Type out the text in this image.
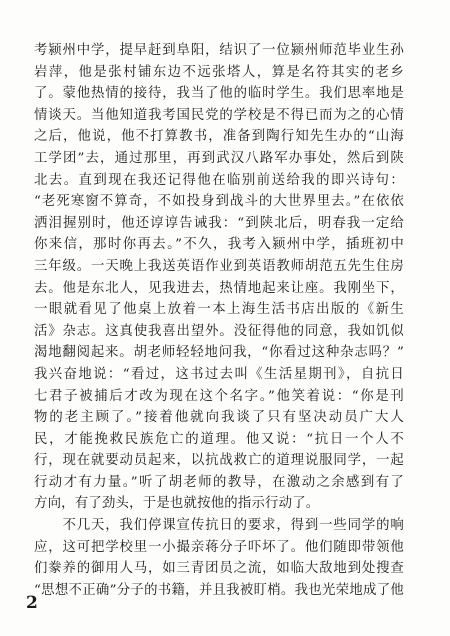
考颍州中学，提早赶到阜阳，结识了一位颍州师范毕业生孙
岩萍，他是张村铺东边不远张塔人，算是名符其实的老乡
了。蒙他热情的接待，我当了他的临时学生。我们思率地是
情谈天。当他知道我考国民党的学校是不得已而为之的心情
之后，他说，他不打算教书，准备到陶行知先生办的“山海
工学团”去，通过那里，再到武汉八路军办事处，然后到陕
北去。直到现在我还记得他在临别前送给我的即兴诗句：
“老死寒窗不算奇，不如投身到战斗的大世界里去。”在依依
洒泪握别时，他还谆谆告诫我：“到陕北后，明春我一定给
你来信，那时你再去。”不久，我考入颍州中学，插班初中
三年级。一天晚上我送英语作业到英语教师胡范五先生住房
去。他是东北人，见我进去，热情地起来让座。我刚坐下，
一眼就看见了他桌上放着一本上海生活书店出版的《新生
活》杂志。这真使我喜出望外。没征得他的同意，我如饥似
渴地翻阅起来。胡老师轻轻地问我，“你看过这种杂志吗？”
我兴奋地说：“看过，这书过去叫《生活星期刊》，自抗日
七君子被捕后才改为现在这个名字。”他笑着说：“你是刊
物的老主顾了。”接着他就向我谈了只有坚决动员广大人
民，才能挽救民族危亡的道理。他又说：“抗日一个人不
行，现在就要动员起来，以抗战救亡的道理说服同学，一起
行动才有力量。”听了胡老师的教导，在激动之余感到有了
方向，有了劲头，于是也就按他的指示行动了。
　　不几天，我们停课宣传抗日的要求，得到一些同学的响
应，这可把学校里一小撮亲蒋分子吓坏了。他们随即带领他
们豢养的御用人马，如三青团员之流，如临大敌地到处搜查
“思想不正确”分子的书籍，并且我被盯梢。我也光荣地成了他
2
